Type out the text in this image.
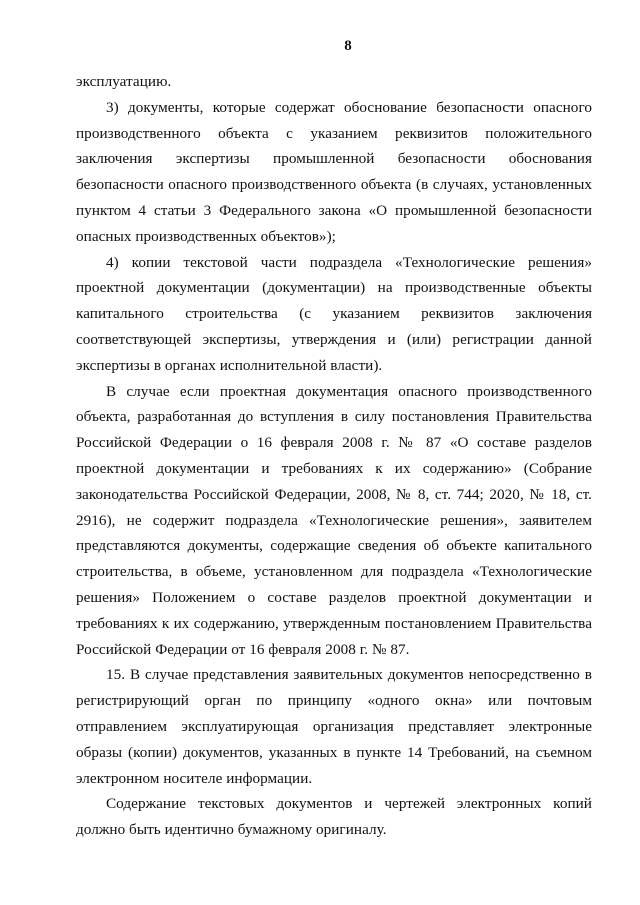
8

эксплуатацию.

3) документы, которые содержат обоснование безопасности опасного производственного объекта с указанием реквизитов положительного заключения экспертизы промышленной безопасности обоснования безопасности опасного производственного объекта (в случаях, установленных пунктом 4 статьи 3 Федерального закона «О промышленной безопасности опасных производственных объектов»);

4) копии текстовой части подраздела «Технологические решения» проектной документации (документации) на производственные объекты капитального строительства (с указанием реквизитов заключения соответствующей экспертизы, утверждения и (или) регистрации данной экспертизы в органах исполнительной власти).

В случае если проектная документация опасного производственного объекта, разработанная до вступления в силу постановления Правительства Российской Федерации о 16 февраля 2008 г. № 87 «О составе разделов проектной документации и требованиях к их содержанию» (Собрание законодательства Российской Федерации, 2008, № 8, ст. 744; 2020, № 18, ст. 2916), не содержит подраздела «Технологические решения», заявителем представляются документы, содержащие сведения об объекте капитального строительства, в объеме, установленном для подраздела «Технологические решения» Положением о составе разделов проектной документации и требованиях к их содержанию, утвержденным постановлением Правительства Российской Федерации от 16 февраля 2008 г. № 87.

15. В случае представления заявительных документов непосредственно в регистрирующий орган по принципу «одного окна» или почтовым отправлением эксплуатирующая организация представляет электронные образы (копии) документов, указанных в пункте 14 Требований, на съемном электронном носителе информации.

Содержание текстовых документов и чертежей электронных копий должно быть идентично бумажному оригиналу.
